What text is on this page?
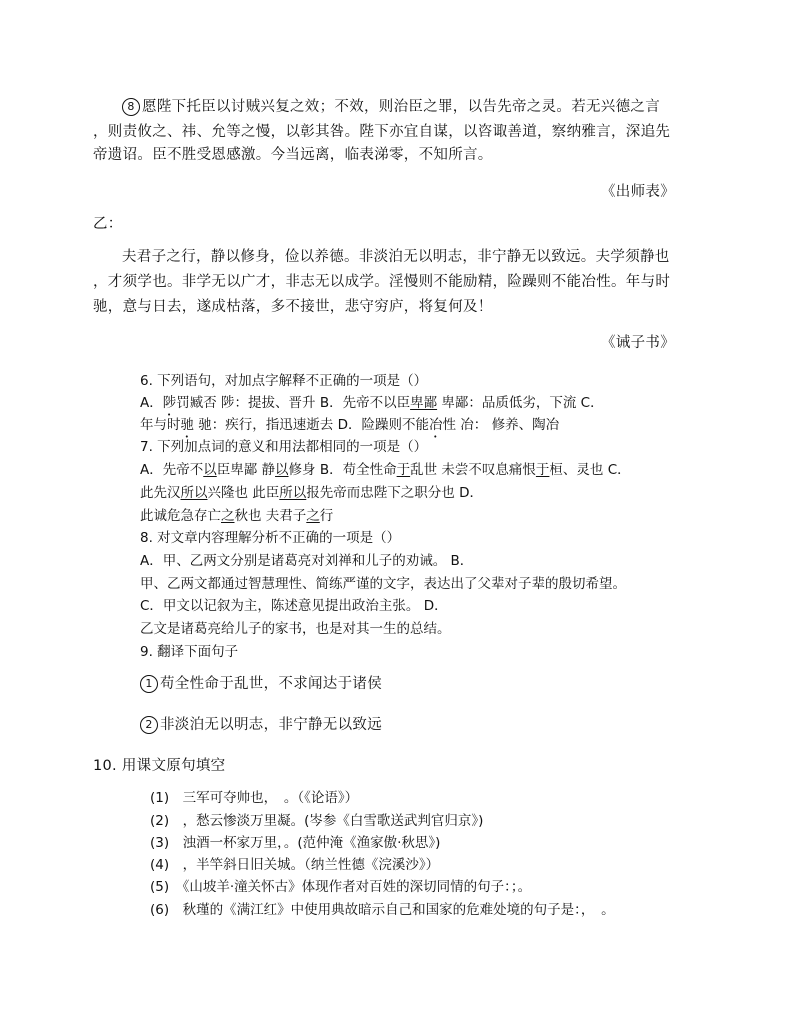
8 愿陛下托臣以讨贼兴复之效；不效，则治臣之罪，以告先帝之灵。若无兴德之言
，则责攸之、祎、允等之慢，以彰其咎。陛下亦宜自谋，以咨诹善道，察纳雅言，深追先
帝遗诏。臣不胜受恩感激。今当远离，临表涕零，不知所言。
《出师表》
乙：
夫君子之行，静以修身，俭以养德。非淡泊无以明志，非宁静无以致远。夫学须静也
，才须学也。非学无以广才，非志无以成学。淫慢则不能励精，险躁则不能冶性。年与时
驰，意与日去，遂成枯落，多不接世，悲守穷庐，将复何及！
《诫子书》
6. 下列语句，对加点字解释不正确的一项是（）
A．陟罚臧否 陟：提拔、晋升 B．先帝不以臣卑鄙 卑鄙：品质低劣，下流 C．
年与时驰 驰：疾行，指迅速逝去 D．险躁则不能冶性 冶： 修养、陶冶
7. 下列加点词的意义和用法都相同的一项是（）
A．先帝不以臣卑鄙 静以修身 B．苟全性命于乱世 未尝不叹息痛恨于桓、灵也 C．
此先汉所以兴隆也 此臣所以报先帝而忠陛下之职分也 D．
此诚危急存亡之秋也 夫君子之行
8. 对文章内容理解分析不正确的一项是（）
A．甲、乙两文分别是诸葛亮对刘禅和儿子的劝诫。 B．
甲、乙两文都通过智慧理性、简练严谨的文字，表达出了父辈对子辈的殷切希望。
C．甲文以记叙为主，陈述意见提出政治主张。 D．
乙文是诸葛亮给儿子的家书，也是对其一生的总结。
9. 翻译下面句子
1 苟全性命于乱世，不求闻达于诸侯
2 非淡泊无以明志，非宁静无以致远
10. 用课文原句填空
(1)　三军可夺帅也，　。（《论语》）
(2)　，愁云惨淡万里凝。(岑参《白雪歌送武判官归京》)
(3)　浊酒一杯家万里，。(范仲淹《渔家傲·秋思》)
(4)　，半竿斜日旧关城。（纳兰性德《浣溪沙》）
(5)　《山坡羊·潼关怀古》体现作者对百姓的深切同情的句子：；。
(6)　秋瑾的《满江红》中使用典故暗示自己和国家的危难处境的句子是：，　。
